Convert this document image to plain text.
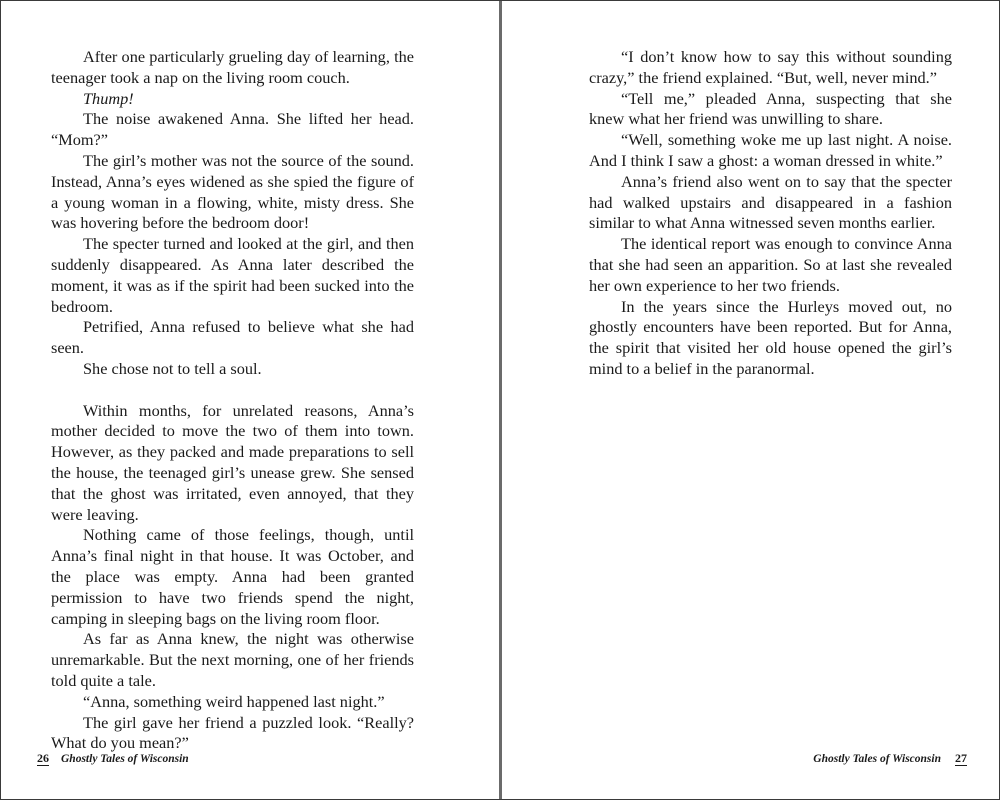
After one particularly grueling day of learning, the teenager took a nap on the living room couch.

Thump!

The noise awakened Anna. She lifted her head. “Mom?”

The girl’s mother was not the source of the sound. Instead, Anna’s eyes widened as she spied the figure of a young woman in a flowing, white, misty dress. She was hovering before the bedroom door!

The specter turned and looked at the girl, and then suddenly disappeared. As Anna later described the moment, it was as if the spirit had been sucked into the bedroom.

Petrified, Anna refused to believe what she had seen.

She chose not to tell a soul.

Within months, for unrelated reasons, Anna’s mother decided to move the two of them into town. However, as they packed and made preparations to sell the house, the teenaged girl’s unease grew. She sensed that the ghost was irritated, even annoyed, that they were leaving.

Nothing came of those feelings, though, until Anna’s final night in that house. It was October, and the place was empty. Anna had been granted permission to have two friends spend the night, camping in sleeping bags on the living room floor.

As far as Anna knew, the night was otherwise unremarkable. But the next morning, one of her friends told quite a tale.

“Anna, something weird happened last night.”

The girl gave her friend a puzzled look. “Really? What do you mean?”

26 Ghostly Tales of Wisconsin

“I don’t know how to say this without sounding crazy,” the friend explained. “But, well, never mind.”

“Tell me,” pleaded Anna, suspecting that she knew what her friend was unwilling to share.

“Well, something woke me up last night. A noise. And I think I saw a ghost: a woman dressed in white.”

Anna’s friend also went on to say that the specter had walked upstairs and disappeared in a fashion similar to what Anna witnessed seven months earlier.

The identical report was enough to convince Anna that she had seen an apparition. So at last she revealed her own experience to her two friends.

In the years since the Hurleys moved out, no ghostly encounters have been reported. But for Anna, the spirit that visited her old house opened the girl’s mind to a belief in the paranormal.

Ghostly Tales of Wisconsin 27
